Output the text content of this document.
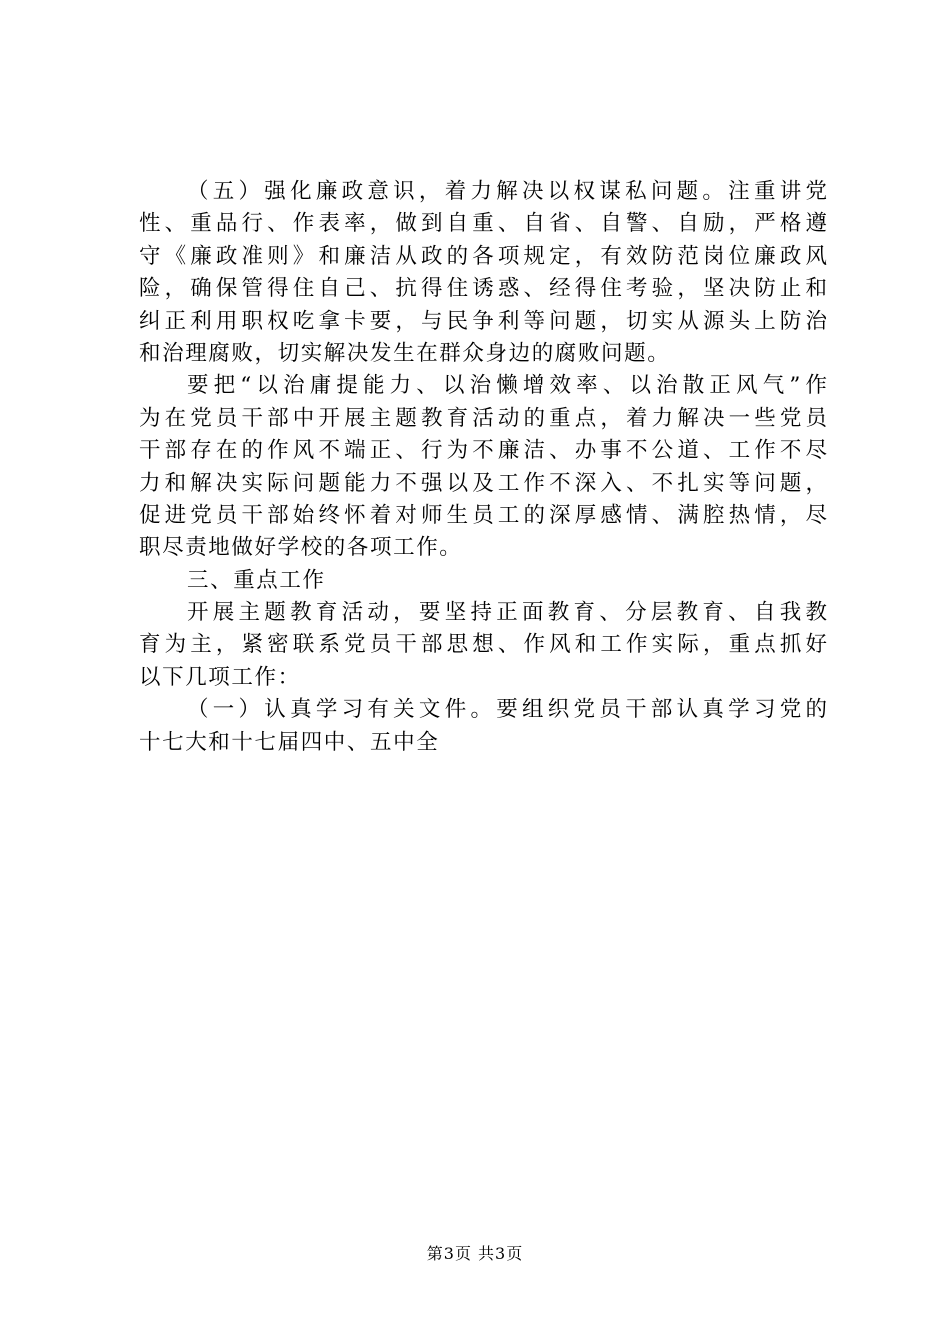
（五）强化廉政意识，着力解决以权谋私问题。注重讲党
性、重品行、作表率，做到自重、自省、自警、自励，严格遵
守《廉政准则》和廉洁从政的各项规定，有效防范岗位廉政风
险，确保管得住自己、抗得住诱惑、经得住考验，坚决防止和
纠正利用职权吃拿卡要，与民争利等问题，切实从源头上防治
和治理腐败，切实解决发生在群众身边的腐败问题。
要把“以治庸提能力、以治懒增效率、以治散正风气”作
为在党员干部中开展主题教育活动的重点，着力解决一些党员
干部存在的作风不端正、行为不廉洁、办事不公道、工作不尽
力和解决实际问题能力不强以及工作不深入、不扎实等问题，
促进党员干部始终怀着对师生员工的深厚感情、满腔热情，尽
职尽责地做好学校的各项工作。
三、重点工作
开展主题教育活动，要坚持正面教育、分层教育、自我教
育为主，紧密联系党员干部思想、作风和工作实际，重点抓好
以下几项工作：
（一）认真学习有关文件。要组织党员干部认真学习党的
十七大和十七届四中、五中全
第3页 共3页
